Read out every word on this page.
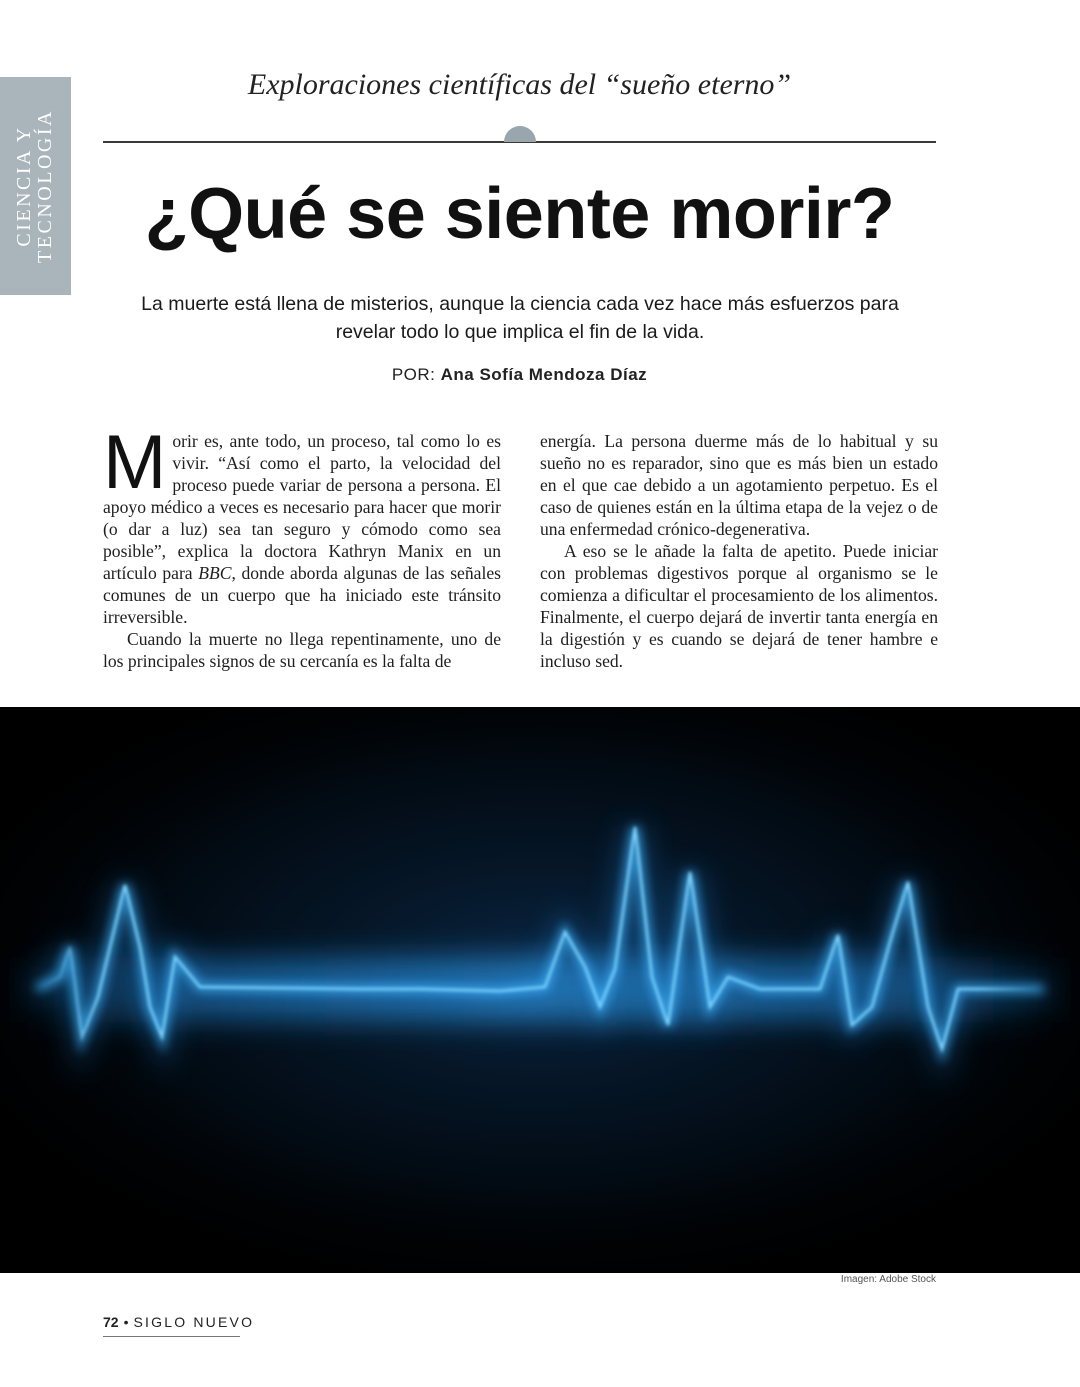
CIENCIA Y TECNOLOGÍA
Exploraciones científicas del “sueño eterno”
¿Qué se siente morir?
La muerte está llena de misterios, aunque la ciencia cada vez hace más esfuerzos para revelar todo lo que implica el fin de la vida.
POR: Ana Sofía Mendoza Díaz

Morir es, ante todo, un proceso, tal como lo es vivir. “Así como el parto, la velocidad del proceso puede variar de persona a persona. El apoyo médico a veces es necesario para hacer que morir (o dar a luz) sea tan seguro y cómodo como sea posible”, explica la doctora Kathryn Manix en un artículo para BBC, donde aborda algunas de las señales comunes de un cuerpo que ha iniciado este tránsito irreversible.

Cuando la muerte no llega repentinamente, uno de los principales signos de su cercanía es la falta de

energía. La persona duerme más de lo habitual y su sueño no es reparador, sino que es más bien un estado en el que cae debido a un agotamiento perpetuo. Es el caso de quienes están en la última etapa de la vejez o de una enfermedad crónico-degenerativa.

A eso se le añade la falta de apetito. Puede iniciar con problemas digestivos porque al organismo se le comienza a dificultar el procesamiento de los alimentos. Finalmente, el cuerpo dejará de invertir tanta energía en la digestión y es cuando se dejará de tener hambre e incluso sed.

Imagen: Adobe Stock
72 • SIGLO NUEVO
